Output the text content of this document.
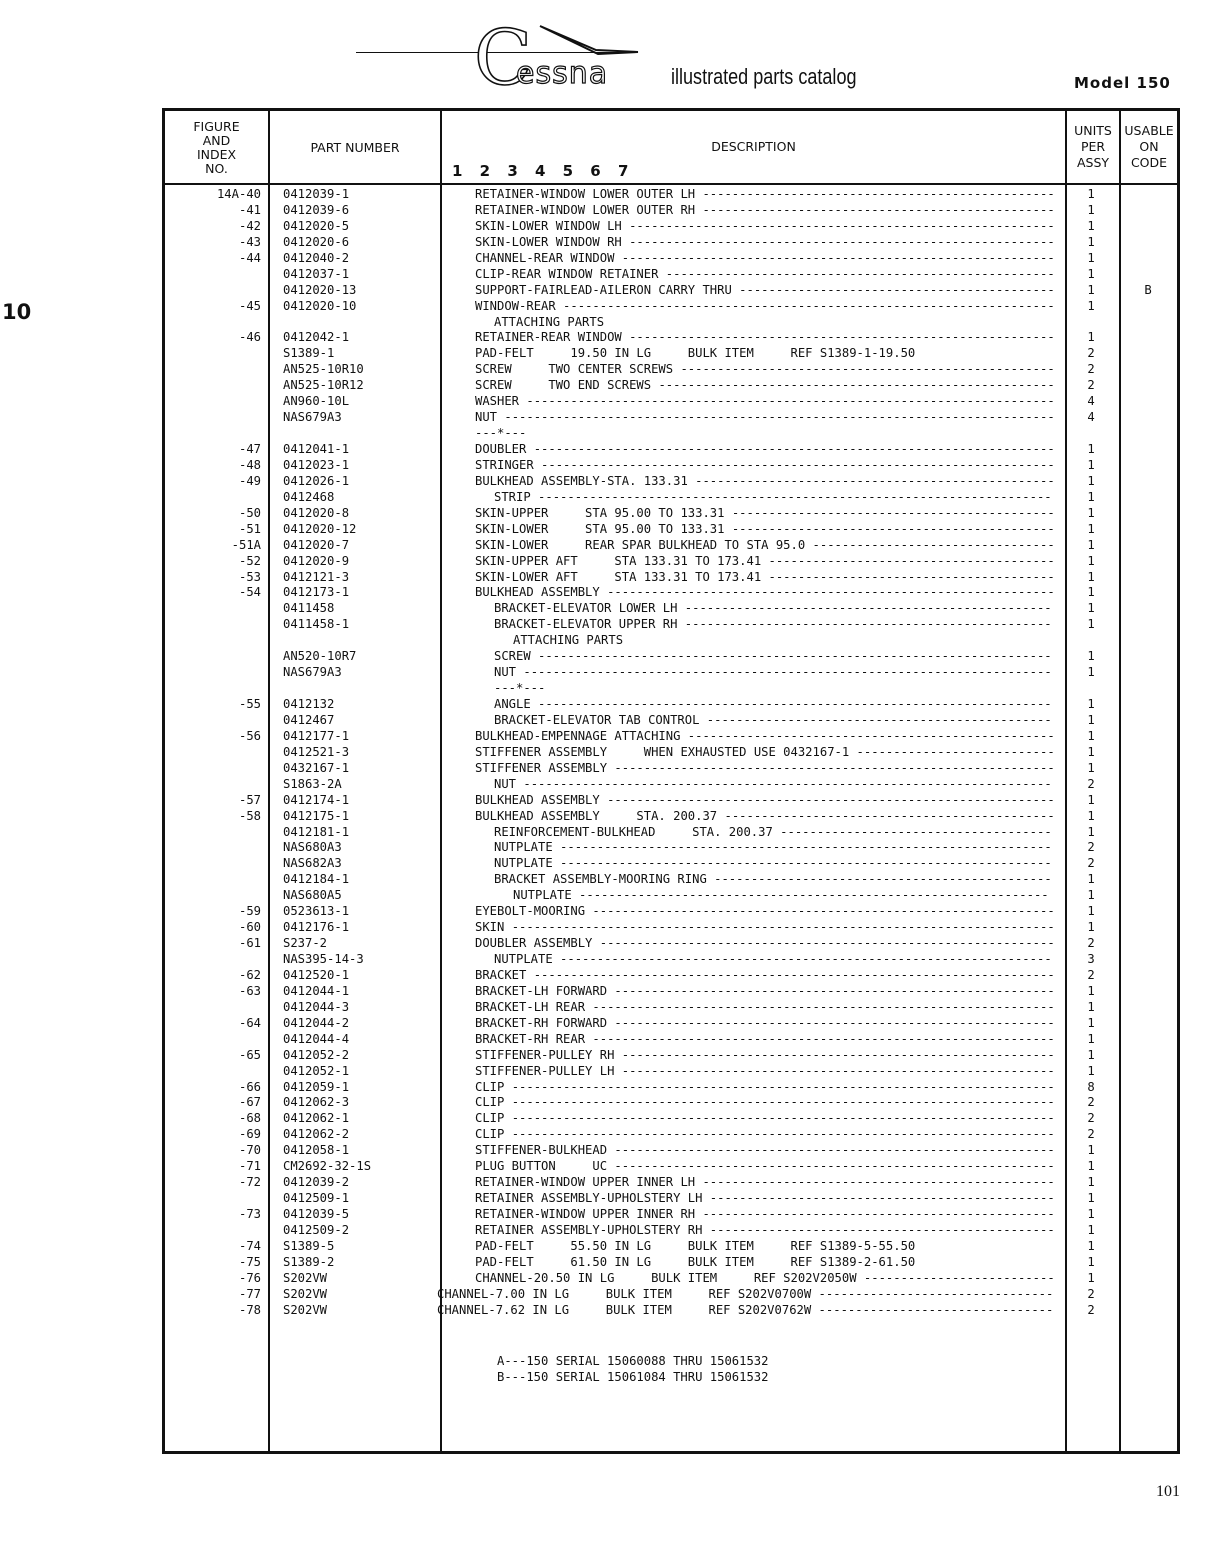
C
essna	illustrated parts catalog	Model 150
10
101
FIGURE
AND
INDEX
NO.
PART NUMBER	DESCRIPTION
1 2 3 4 5 6 7
UNITS
PER
ASSY
USABLE
ON
CODE
14A-40 0412039-1	RETAINER-WINDOW LOWER OUTER LH ------------------------------------------------	1
-41 0412039-6	RETAINER-WINDOW LOWER OUTER RH ------------------------------------------------	1
-42 0412020-5	SKIN-LOWER WINDOW LH ----------------------------------------------------------	1
-43 0412020-6	SKIN-LOWER WINDOW RH ----------------------------------------------------------	1
-44 0412040-2	CHANNEL-REAR WINDOW -----------------------------------------------------------	1
0412037-1	CLIP-REAR WINDOW RETAINER -----------------------------------------------------	1
0412020-13	SUPPORT-FAIRLEAD-AILERON CARRY THRU -------------------------------------------	1	B
-45 0412020-10	WINDOW-REAR -------------------------------------------------------------------	1
ATTACHING PARTS
-46 0412042-1	RETAINER-REAR WINDOW ----------------------------------------------------------	1
S1389-1	PAD-FELT     19.50 IN LG     BULK ITEM     REF S1389-1-19.50	2
AN525-10R10	SCREW     TWO CENTER SCREWS ---------------------------------------------------	2
AN525-10R12	SCREW     TWO END SCREWS ------------------------------------------------------	2
AN960-10L	WASHER ------------------------------------------------------------------------	4
NAS679A3	NUT ---------------------------------------------------------------------------	4
---*---
-47 0412041-1	DOUBLER -----------------------------------------------------------------------	1
-48 0412023-1	STRINGER ----------------------------------------------------------------------	1
-49 0412026-1	BULKHEAD ASSEMBLY-STA. 133.31 -------------------------------------------------	1
0412468	STRIP ----------------------------------------------------------------------	1
-50 0412020-8	SKIN-UPPER     STA 95.00 TO 133.31 --------------------------------------------	1
-51 0412020-12	SKIN-LOWER     STA 95.00 TO 133.31 --------------------------------------------	1
-51A 0412020-7	SKIN-LOWER     REAR SPAR BULKHEAD TO STA 95.0 ---------------------------------	1
-52 0412020-9	SKIN-UPPER AFT     STA 133.31 TO 173.41 ---------------------------------------	1
-53 0412121-3	SKIN-LOWER AFT     STA 133.31 TO 173.41 ---------------------------------------	1
-54 0412173-1	BULKHEAD ASSEMBLY -------------------------------------------------------------	1
0411458	BRACKET-ELEVATOR LOWER LH --------------------------------------------------	1
0411458-1	BRACKET-ELEVATOR UPPER RH --------------------------------------------------	1
ATTACHING PARTS
AN520-10R7	SCREW ----------------------------------------------------------------------	1
NAS679A3	NUT ------------------------------------------------------------------------	1
---*---
-55 0412132	ANGLE ----------------------------------------------------------------------	1
0412467	BRACKET-ELEVATOR TAB CONTROL -----------------------------------------------	1
-56 0412177-1	BULKHEAD-EMPENNAGE ATTACHING --------------------------------------------------	1
0412521-3	STIFFENER ASSEMBLY     WHEN EXHAUSTED USE 0432167-1 ---------------------------	1
0432167-1	STIFFENER ASSEMBLY ------------------------------------------------------------	1
S1863-2A	NUT ------------------------------------------------------------------------	2
-57 0412174-1	BULKHEAD ASSEMBLY -------------------------------------------------------------	1
-58 0412175-1	BULKHEAD ASSEMBLY     STA. 200.37 ---------------------------------------------	1
0412181-1	REINFORCEMENT-BULKHEAD     STA. 200.37 -------------------------------------	1
NAS680A3	NUTPLATE -------------------------------------------------------------------	2
NAS682A3	NUTPLATE -------------------------------------------------------------------	2
0412184-1	BRACKET ASSEMBLY-MOORING RING ----------------------------------------------	1
NAS680A5	NUTPLATE ----------------------------------------------------------------	1
-59 0523613-1	EYEBOLT-MOORING ---------------------------------------------------------------	1
-60 0412176-1	SKIN --------------------------------------------------------------------------	1
-61 S237-2	DOUBLER ASSEMBLY --------------------------------------------------------------	2
NAS395-14-3	NUTPLATE -------------------------------------------------------------------	3
-62 0412520-1	BRACKET -----------------------------------------------------------------------	2
-63 0412044-1	BRACKET-LH FORWARD ------------------------------------------------------------	1
0412044-3	BRACKET-LH REAR ---------------------------------------------------------------	1
-64 0412044-2	BRACKET-RH FORWARD ------------------------------------------------------------	1
0412044-4	BRACKET-RH REAR ---------------------------------------------------------------	1
-65 0412052-2	STIFFENER-PULLEY RH -----------------------------------------------------------	1
0412052-1	STIFFENER-PULLEY LH -----------------------------------------------------------	1
-66 0412059-1	CLIP --------------------------------------------------------------------------	8
-67 0412062-3	CLIP --------------------------------------------------------------------------	2
-68 0412062-1	CLIP --------------------------------------------------------------------------	2
-69 0412062-2	CLIP --------------------------------------------------------------------------	2
-70 0412058-1	STIFFENER-BULKHEAD ------------------------------------------------------------	1
-71 CM2692-32-1S	PLUG BUTTON     UC ------------------------------------------------------------	1
-72 0412039-2	RETAINER-WINDOW UPPER INNER LH ------------------------------------------------	1
0412509-1	RETAINER ASSEMBLY-UPHOLSTERY LH -----------------------------------------------	1
-73 0412039-5	RETAINER-WINDOW UPPER INNER RH ------------------------------------------------	1
0412509-2	RETAINER ASSEMBLY-UPHOLSTERY RH -----------------------------------------------	1
-74 S1389-5	PAD-FELT     55.50 IN LG     BULK ITEM     REF S1389-5-55.50	1
-75 S1389-2	PAD-FELT     61.50 IN LG     BULK ITEM     REF S1389-2-61.50	1
-76 S202VW	CHANNEL-20.50 IN LG     BULK ITEM     REF S202V2050W --------------------------	1
-77 S202VW	CHANNEL-7.00 IN LG     BULK ITEM     REF S202V0700W --------------------------------	2
-78 S202VW	CHANNEL-7.62 IN LG     BULK ITEM     REF S202V0762W --------------------------------	2
A---150 SERIAL 15060088 THRU 15061532
B---150 SERIAL 15061084 THRU 15061532
